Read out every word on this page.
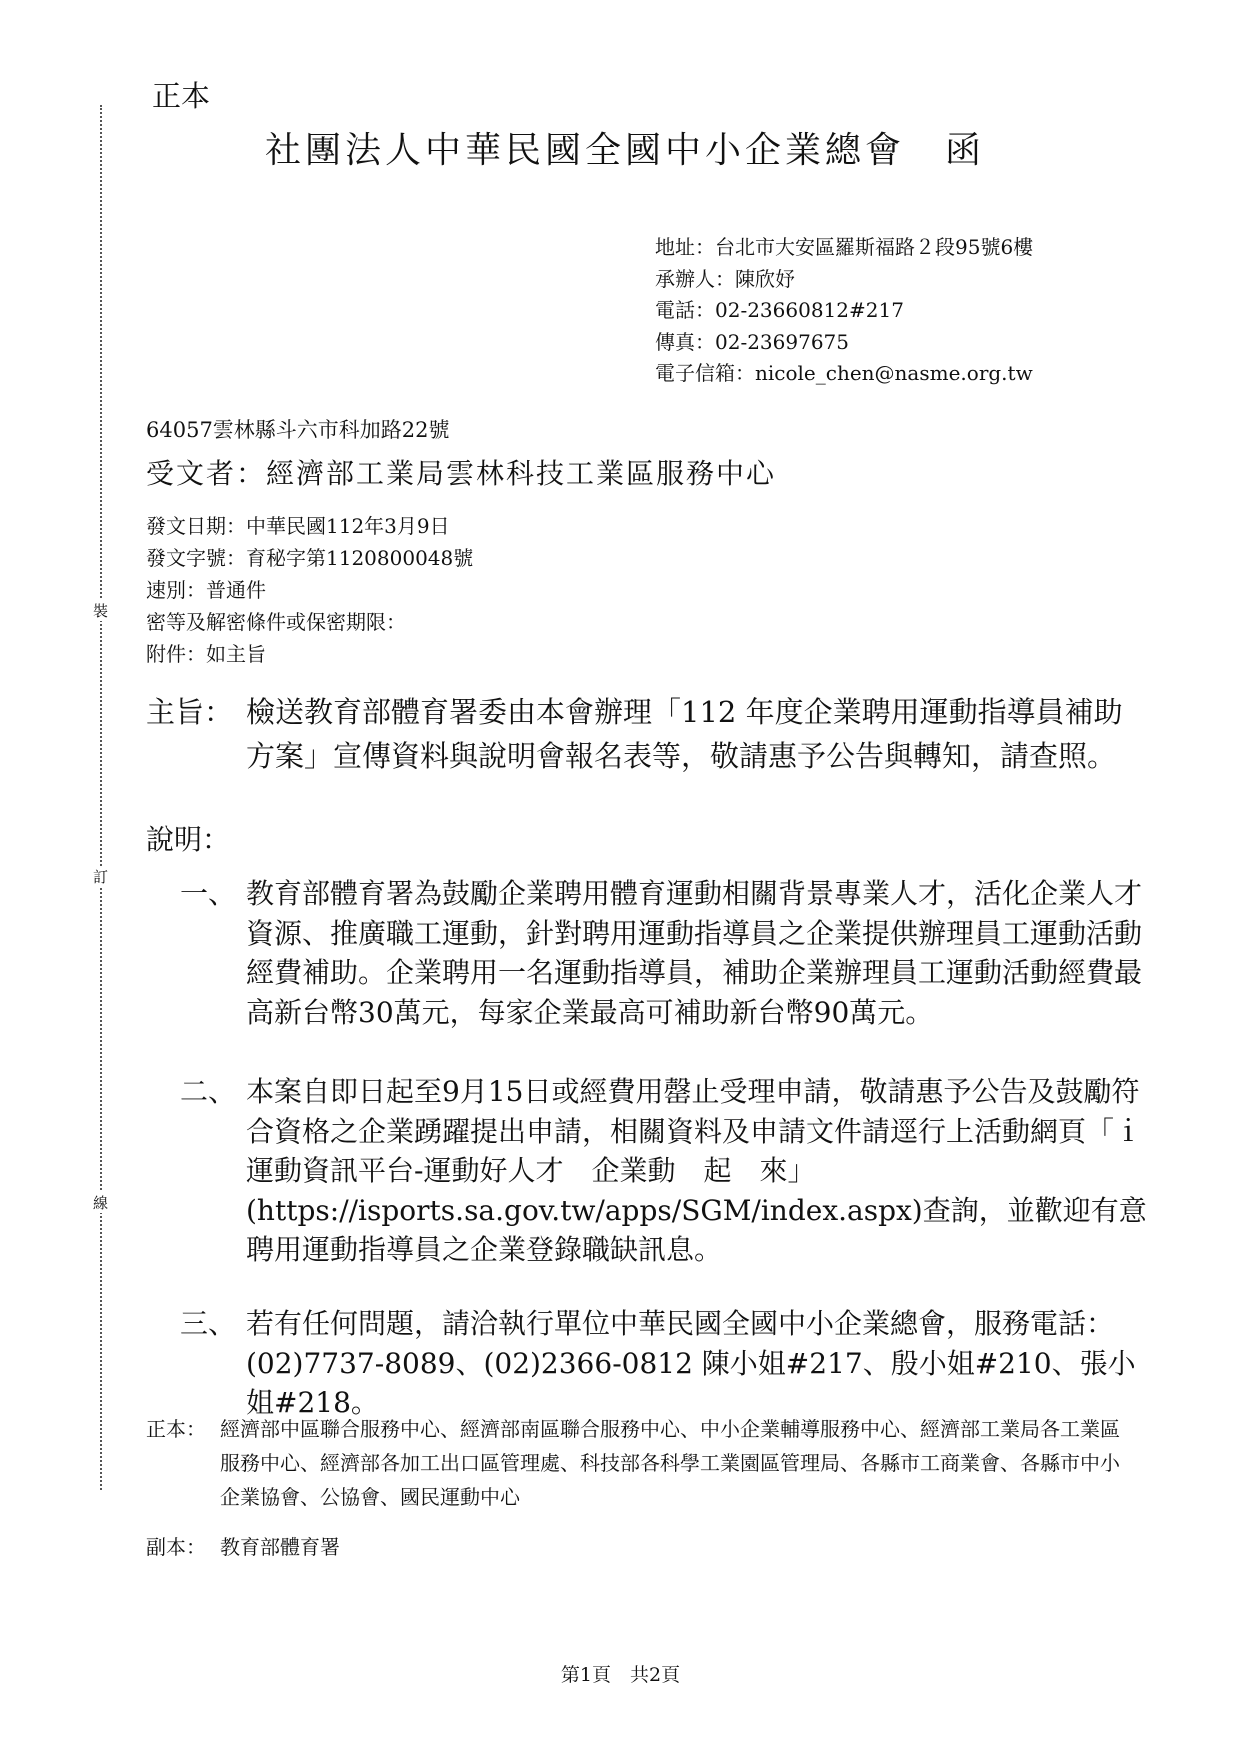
裝
訂
線
正本
社團法人中華民國全國中小企業總會　函
地址：台北市大安區羅斯福路２段95號6樓
承辦人：陳欣妤
電話：02-23660812#217
傳真：02-23697675
電子信箱：nicole_chen@nasme.org.tw
64057雲林縣斗六市科加路22號
受文者：經濟部工業局雲林科技工業區服務中心
發文日期：中華民國112年3月9日
發文字號：育秘字第1120800048號
速別：普通件
密等及解密條件或保密期限：
附件：如主旨
主旨： 檢送教育部體育署委由本會辦理「112 年度企業聘用運動指導員補助方案」宣傳資料與說明會報名表等，敬請惠予公告與轉知，請查照。
說明：
一、 教育部體育署為鼓勵企業聘用體育運動相關背景專業人才，活化企業人才資源、推廣職工運動，針對聘用運動指導員之企業提供辦理員工運動活動經費補助。企業聘用一名運動指導員，補助企業辦理員工運動活動經費最高新台幣30萬元，每家企業最高可補助新台幣90萬元。
二、 本案自即日起至9月15日或經費用罄止受理申請，敬請惠予公告及鼓勵符合資格之企業踴躍提出申請，相關資料及申請文件請逕行上活動網頁「ｉ運動資訊平台-運動好人才　企業動　起　來」(https://isports.sa.gov.tw/apps/SGM/index.aspx)查詢，並歡迎有意聘用運動指導員之企業登錄職缺訊息。
三、 若有任何問題，請洽執行單位中華民國全國中小企業總會，服務電話：(02)7737-8089、(02)2366-0812 陳小姐#217、殷小姐#210、張小姐#218。
正本： 經濟部中區聯合服務中心、經濟部南區聯合服務中心、中小企業輔導服務中心、經濟部工業局各工業區服務中心、經濟部各加工出口區管理處、科技部各科學工業園區管理局、各縣市工商業會、各縣市中小企業協會、公協會、國民運動中心
副本： 教育部體育署
第1頁　共2頁
